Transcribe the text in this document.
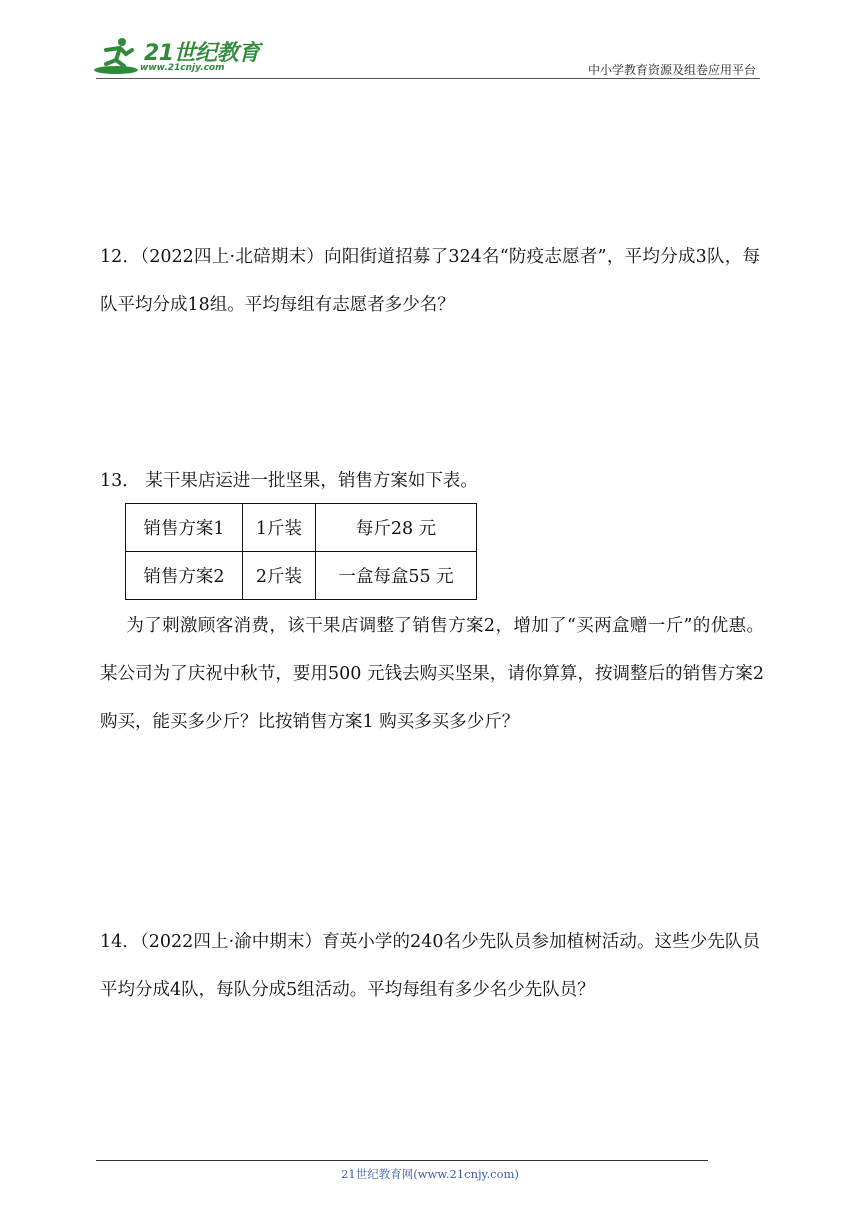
21世纪教育
www.21cnjy.com	中小学教育资源及组卷应用平台
12．（2022四上·北碚期末）向阳街道招募了324名“防疫志愿者”，平均分成3队，每队平均分成18组。平均每组有志愿者多少名？
13． 某干果店运进一批坚果，销售方案如下表。
销售方案1	1斤装	每斤28 元
销售方案2	2斤装	一盒每盒55 元
为了刺激顾客消费，该干果店调整了销售方案2，增加了“买两盒赠一斤”的优惠。某公司为了庆祝中秋节，要用500 元钱去购买坚果，请你算算，按调整后的销售方案2 购买，能买多少斤？比按销售方案1 购买多买多少斤？
14．（2022四上·渝中期末）育英小学的240名少先队员参加植树活动。这些少先队员平均分成4队，每队分成5组活动。平均每组有多少名少先队员？
21世纪教育网(www.21cnjy.com)
